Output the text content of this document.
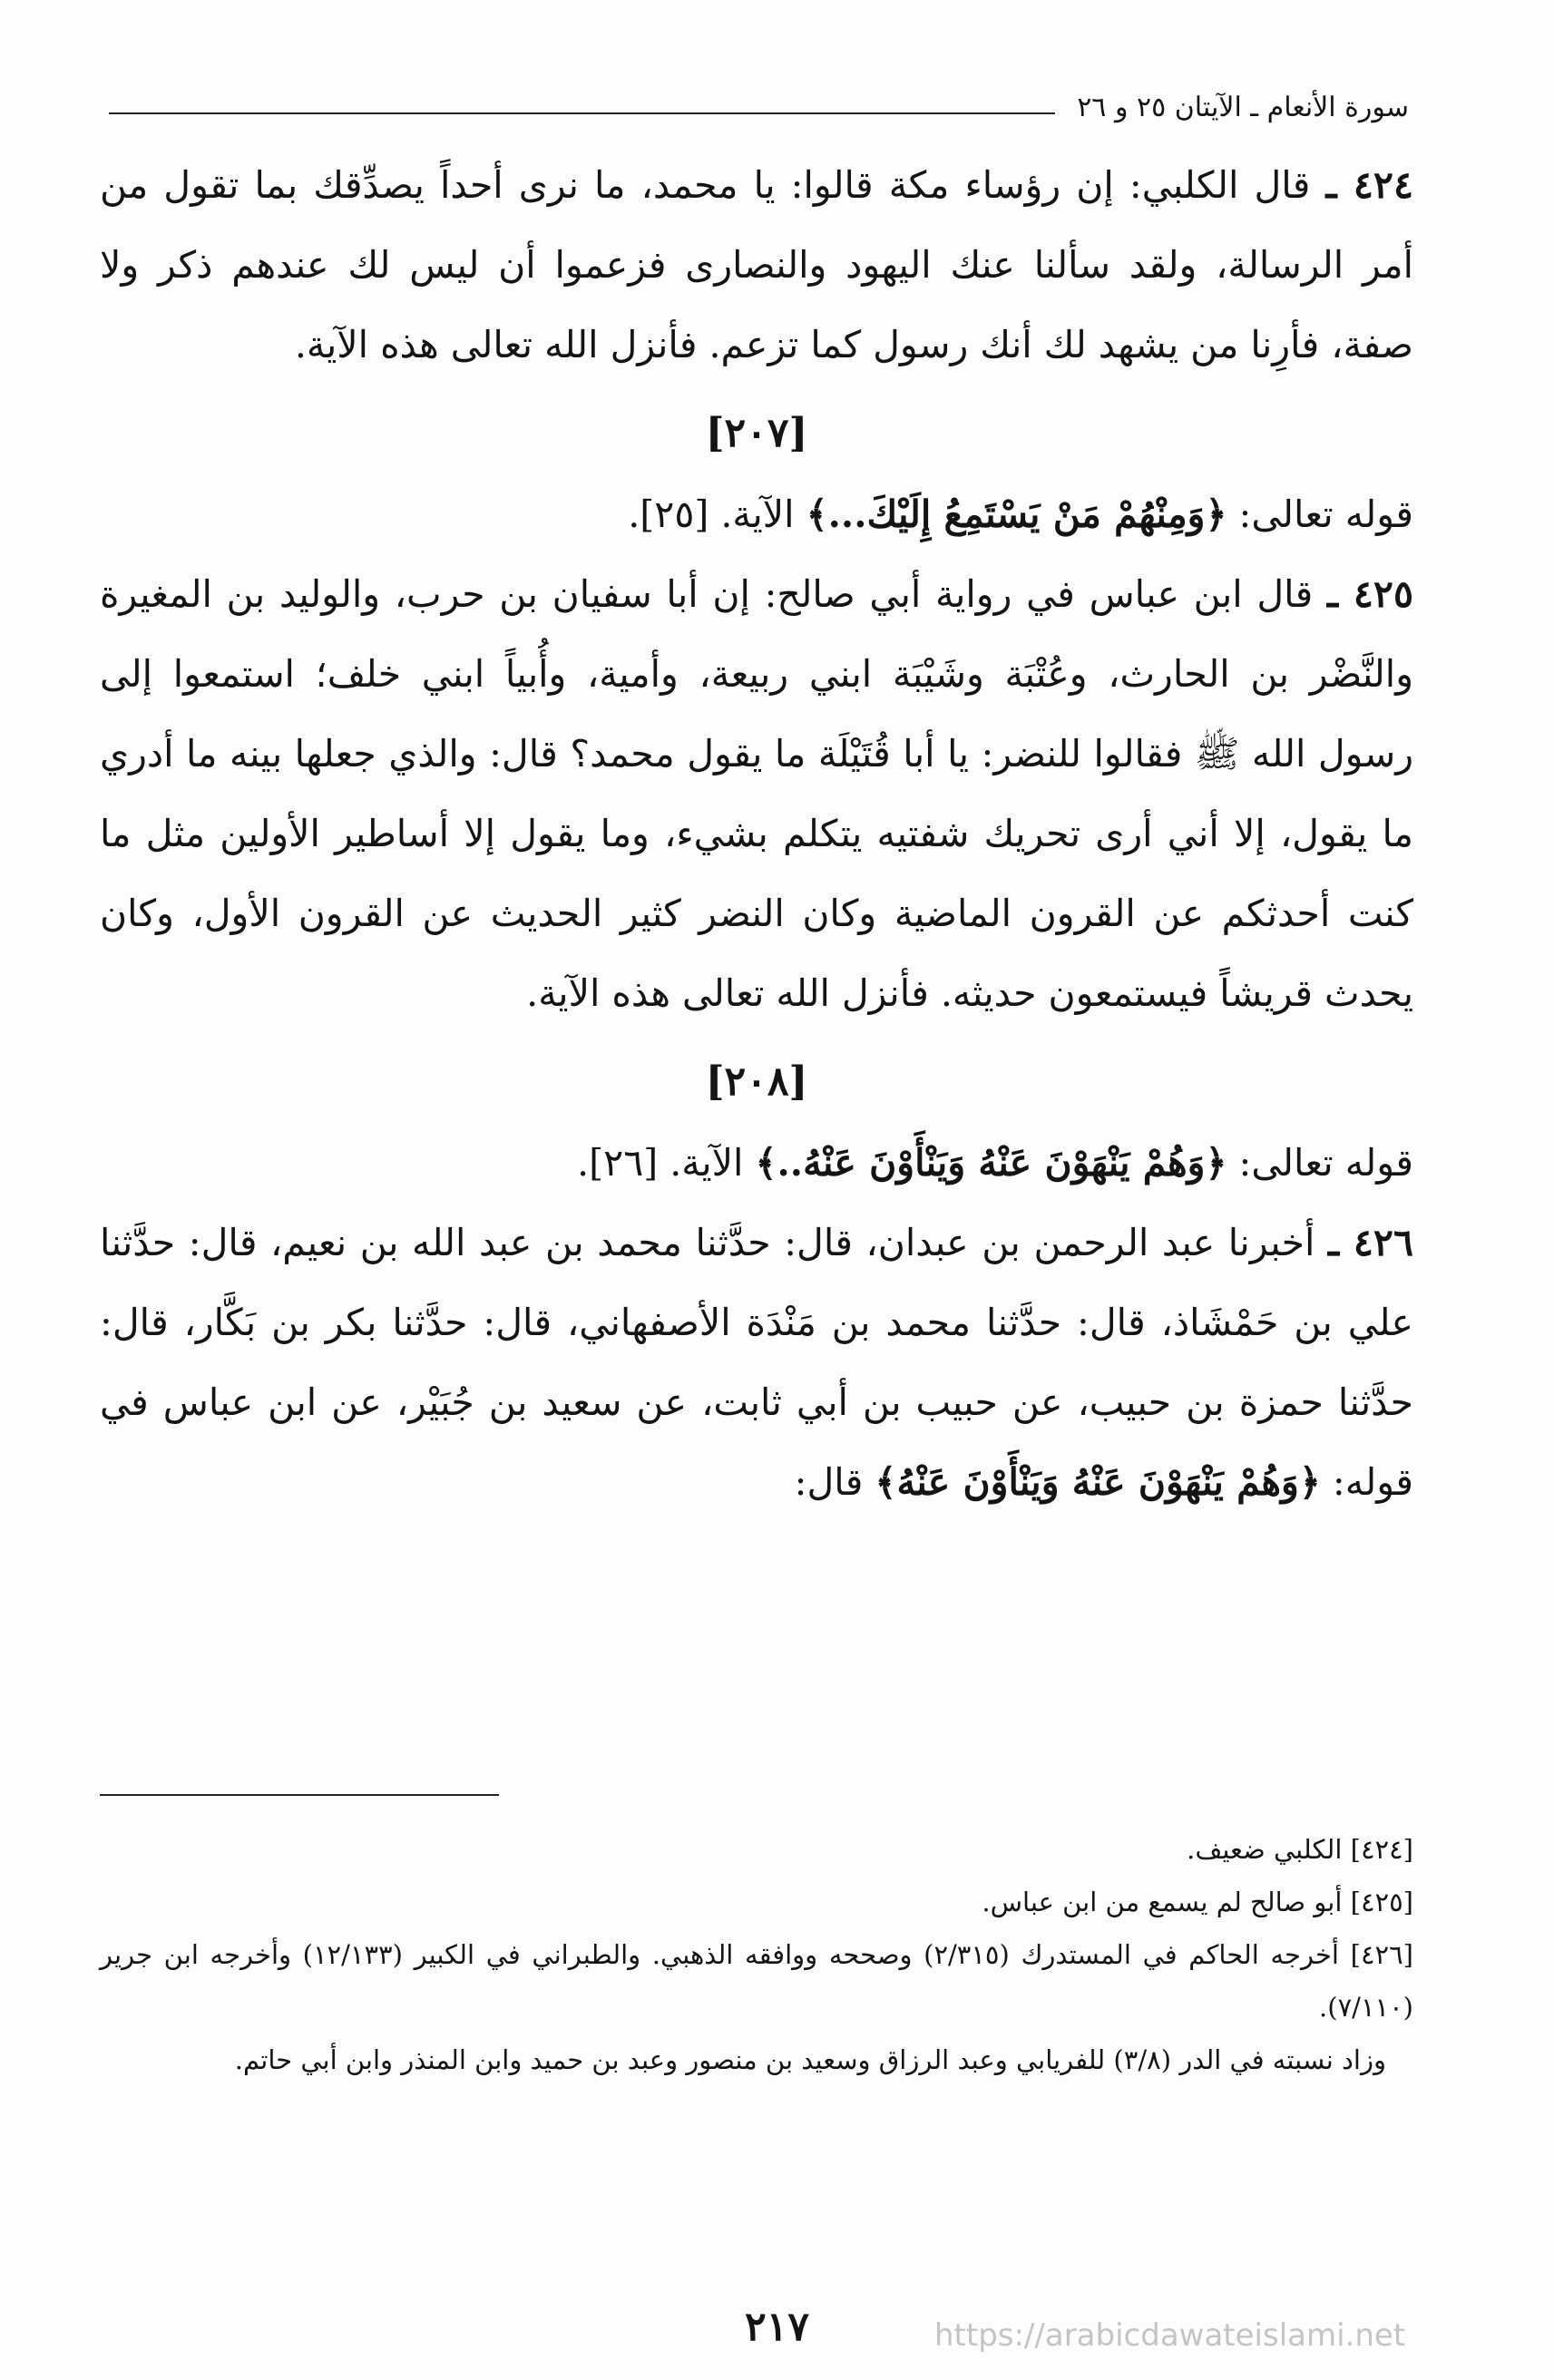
سورة الأنعام ـ الآيتان ٢٥ و ٢٦

٤٢٤ ـ قال الكلبي: إن رؤساء مكة قالوا: يا محمد، ما نرى أحداً يصدِّقك بما تقول من أمر الرسالة، ولقد سألنا عنك اليهود والنصارى فزعموا أن ليس لك عندهم ذكر ولا صفة، فأرِنا من يشهد لك أنك رسول كما تزعم. فأنزل الله تعالى هذه الآية.

[٢٠٧]

قوله تعالى: ﴿وَمِنْهُمْ مَنْ يَسْتَمِعُ إِلَيْكَ...﴾ الآية. [٢٥].

٤٢٥ ـ قال ابن عباس في رواية أبي صالح: إن أبا سفيان بن حرب، والوليد بن المغيرة والنَّضْر بن الحارث، وعُتْبَة وشَيْبَة ابني ربيعة، وأمية، وأُبياً ابني خلف؛ استمعوا إلى رسول الله ﷺ فقالوا للنضر: يا أبا قُتَيْلَة ما يقول محمد؟ قال: والذي جعلها بينه ما أدري ما يقول، إلا أني أرى تحريك شفتيه يتكلم بشيء، وما يقول إلا أساطير الأولين مثل ما كنت أحدثكم عن القرون الماضية وكان النضر كثير الحديث عن القرون الأول، وكان يحدث قريشاً فيستمعون حديثه. فأنزل الله تعالى هذه الآية.

[٢٠٨]

قوله تعالى: ﴿وَهُمْ يَنْهَوْنَ عَنْهُ وَيَنْأَوْنَ عَنْهُ..﴾ الآية. [٢٦].

٤٢٦ ـ أخبرنا عبد الرحمن بن عبدان، قال: حدَّثنا محمد بن عبد الله بن نعيم، قال: حدَّثنا علي بن حَمْشَاذ، قال: حدَّثنا محمد بن مَنْدَة الأصفهاني، قال: حدَّثنا بكر بن بَكَّار، قال: حدَّثنا حمزة بن حبيب، عن حبيب بن أبي ثابت، عن سعيد بن جُبَيْر، عن ابن عباس في قوله: ﴿وَهُمْ يَنْهَوْنَ عَنْهُ وَيَنْأَوْنَ عَنْهُ﴾ قال:

[٤٢٤] الكلبي ضعيف.

[٤٢٥] أبو صالح لم يسمع من ابن عباس.

[٤٢٦] أخرجه الحاكم في المستدرك (٢/٣١٥) وصححه ووافقه الذهبي. والطبراني في الكبير (١٢/١٣٣) وأخرجه ابن جرير (٧/١١٠).

وزاد نسبته في الدر (٣/٨) للفريابي وعبد الرزاق وسعيد بن منصور وعبد بن حميد وابن المنذر وابن أبي حاتم.

٢١٧	https://arabicdawateislami.net
